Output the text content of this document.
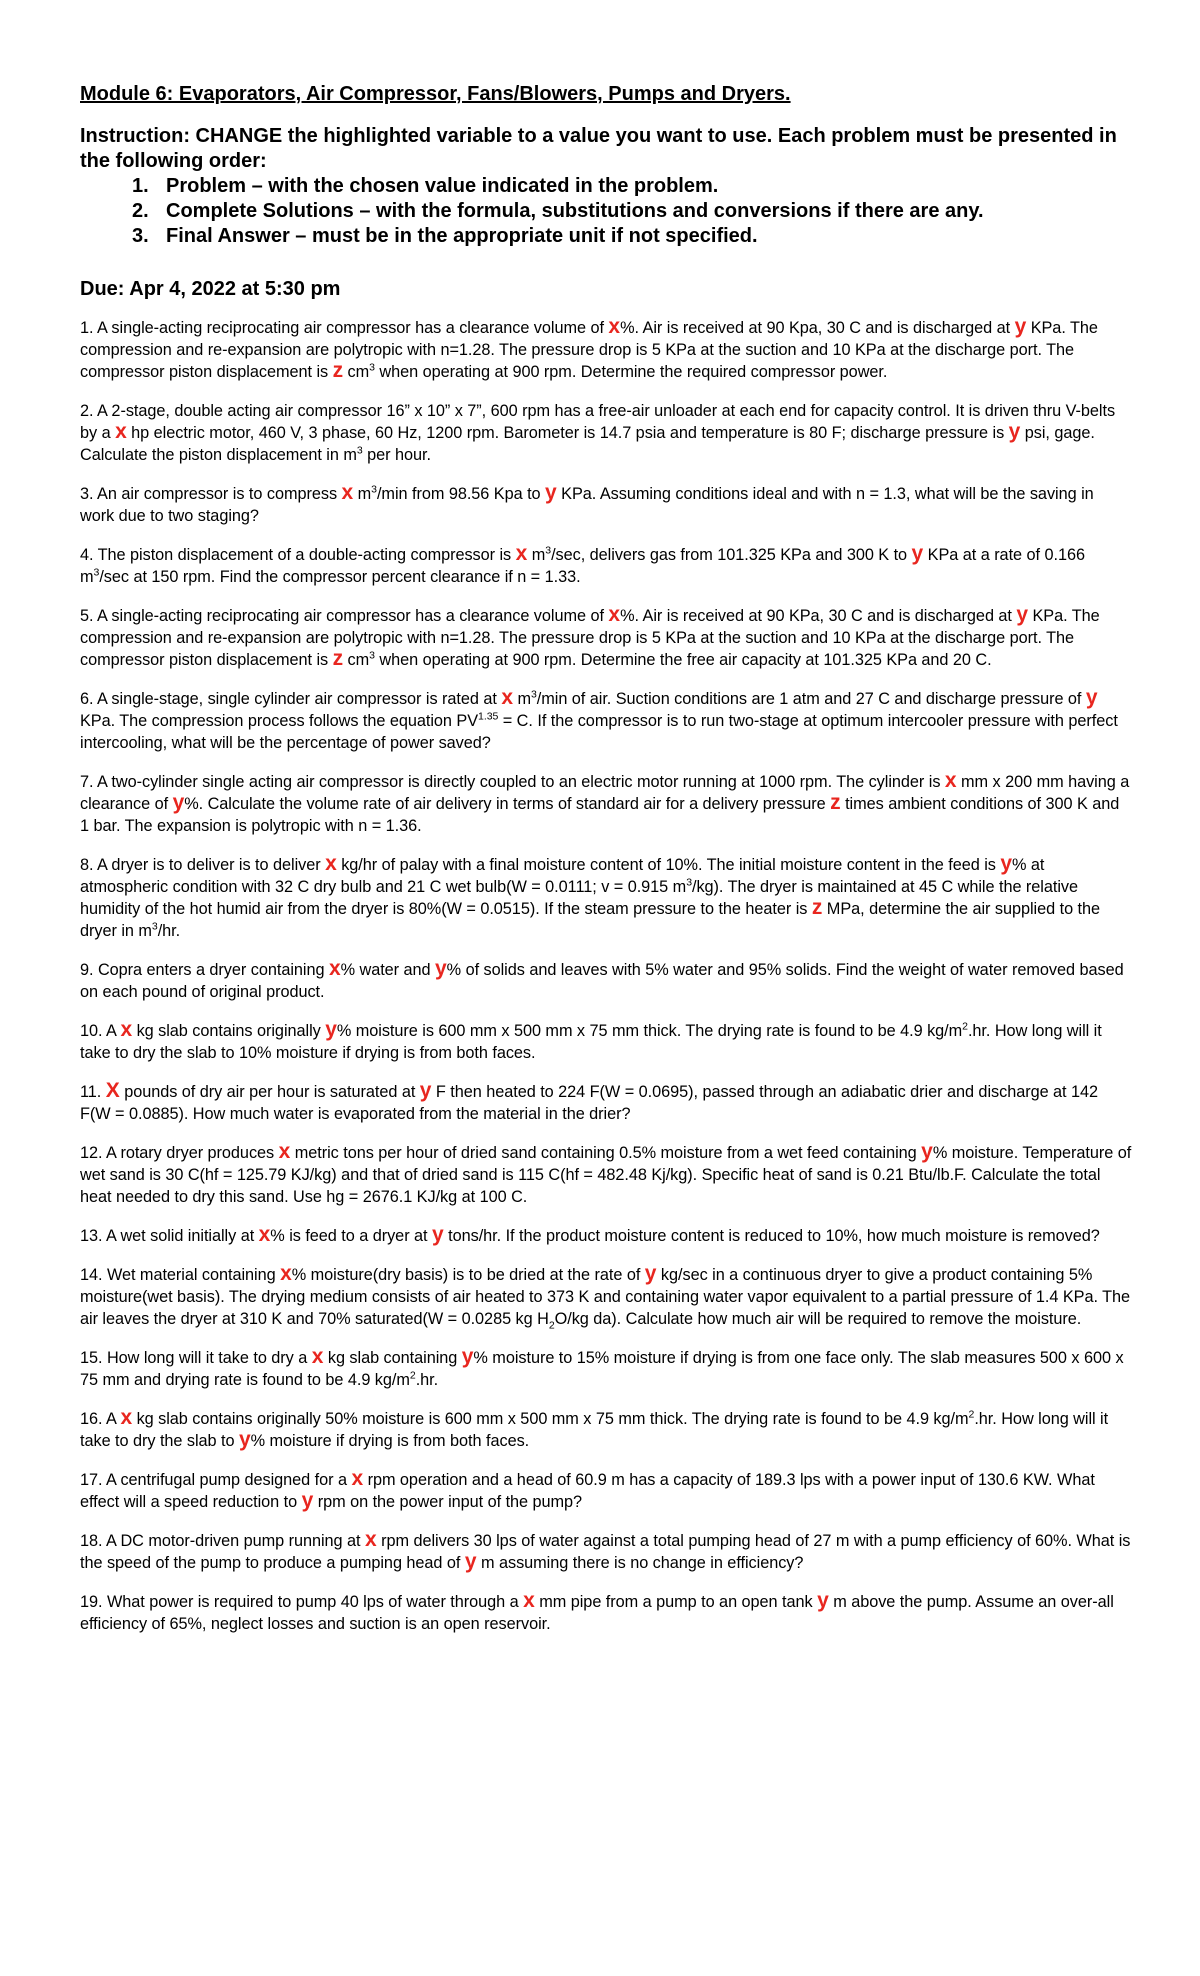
Module 6: Evaporators, Air Compressor, Fans/Blowers, Pumps and Dryers.
Instruction: CHANGE the highlighted variable to a value you want to use. Each problem must be presented in the following order:
1. Problem – with the chosen value indicated in the problem.
2. Complete Solutions – with the formula, substitutions and conversions if there are any.
3. Final Answer – must be in the appropriate unit if not specified.
Due: Apr 4, 2022 at 5:30 pm

1. A single-acting reciprocating air compressor has a clearance volume of x%. Air is received at 90 Kpa, 30 C and is discharged at y KPa. The compression and re-expansion are polytropic with n=1.28. The pressure drop is 5 KPa at the suction and 10 KPa at the discharge port. The compressor piston displacement is z $cm^3$ when operating at 900 rpm. Determine the required compressor power.

2. A 2-stage, double acting air compressor 16” x 10” x 7”, 600 rpm has a free-air unloader at each end for capacity control. It is driven thru V-belts by a x hp electric motor, 460 V, 3 phase, 60 Hz, 1200 rpm. Barometer is 14.7 psia and temperature is 80 F; discharge pressure is y psi, gage. Calculate the piston displacement in $m^3$ per hour.

3. An air compressor is to compress x $m^3/\min$ from 98.56 Kpa to y KPa. Assuming conditions ideal and with n = 1.3, what will be the saving in work due to two staging?

4. The piston displacement of a double-acting compressor is x $m^3/\sec$, delivers gas from 101.325 KPa and 300 K to y KPa at a rate of 0.166 $m^3/\sec$ at 150 rpm. Find the compressor percent clearance if n = 1.33.

5. A single-acting reciprocating air compressor has a clearance volume of x%. Air is received at 90 KPa, 30 C and is discharged at y KPa. The compression and re-expansion are polytropic with n=1.28. The pressure drop is 5 KPa at the suction and 10 KPa at the discharge port. The compressor piston displacement is z $cm^3$ when operating at 900 rpm. Determine the free air capacity at 101.325 KPa and 20 C.

6. A single-stage, single cylinder air compressor is rated at x $m^3/\min$ of air. Suction conditions are 1 atm and 27 C and discharge pressure of y KPa. The compression process follows the equation $PV^{1.35} = C$. If the compressor is to run two-stage at optimum intercooler pressure with perfect intercooling, what will be the percentage of power saved?

7. A two-cylinder single acting air compressor is directly coupled to an electric motor running at 1000 rpm. The cylinder is x mm x 200 mm having a clearance of y%. Calculate the volume rate of air delivery in terms of standard air for a delivery pressure z times ambient conditions of 300 K and 1 bar. The expansion is polytropic with n = 1.36.

8. A dryer is to deliver is to deliver x kg/hr of palay with a final moisture content of 10%. The initial moisture content in the feed is y% at atmospheric condition with 32 C dry bulb and 21 C wet bulb(W = 0.0111; v = 0.915 $m^3/kg$). The dryer is maintained at 45 C while the relative humidity of the hot humid air from the dryer is 80%(W = 0.0515). If the steam pressure to the heater is z MPa, determine the air supplied to the dryer in $m^3/hr$.

9. Copra enters a dryer containing x% water and y% of solids and leaves with 5% water and 95% solids. Find the weight of water removed based on each pound of original product.

10. A x kg slab contains originally y% moisture is 600 mm x 500 mm x 75 mm thick. The drying rate is found to be 4.9 $kg/m^2.hr$. How long will it take to dry the slab to 10% moisture if drying is from both faces.

11. X pounds of dry air per hour is saturated at y F then heated to 224 F(W = 0.0695), passed through an adiabatic drier and discharge at 142 F(W = 0.0885). How much water is evaporated from the material in the drier?

12. A rotary dryer produces x metric tons per hour of dried sand containing 0.5% moisture from a wet feed containing y% moisture. Temperature of wet sand is 30 C(hf = 125.79 KJ/kg) and that of dried sand is 115 C(hf = 482.48 Kj/kg). Specific heat of sand is 0.21 Btu/lb.F. Calculate the total heat needed to dry this sand. Use hg = 2676.1 KJ/kg at 100 C.

13. A wet solid initially at x% is feed to a dryer at y tons/hr. If the product moisture content is reduced to 10%, how much moisture is removed?

14. Wet material containing x% moisture(dry basis) is to be dried at the rate of y kg/sec in a continuous dryer to give a product containing 5% moisture(wet basis). The drying medium consists of air heated to 373 K and containing water vapor equivalent to a partial pressure of 1.4 KPa. The air leaves the dryer at 310 K and 70% saturated(W = 0.0285 kg $H_2O/kg$ da). Calculate how much air will be required to remove the moisture.

15. How long will it take to dry a x kg slab containing y% moisture to 15% moisture if drying is from one face only. The slab measures 500 x 600 x 75 mm and drying rate is found to be 4.9 $kg/m^2.hr$.

16. A x kg slab contains originally 50% moisture is 600 mm x 500 mm x 75 mm thick. The drying rate is found to be 4.9 $kg/m^2.hr$. How long will it take to dry the slab to y% moisture if drying is from both faces.

17. A centrifugal pump designed for a x rpm operation and a head of 60.9 m has a capacity of 189.3 lps with a power input of 130.6 KW. What effect will a speed reduction to y rpm on the power input of the pump?

18. A DC motor-driven pump running at x rpm delivers 30 lps of water against a total pumping head of 27 m with a pump efficiency of 60%. What is the speed of the pump to produce a pumping head of y m assuming there is no change in efficiency?

19. What power is required to pump 40 lps of water through a x mm pipe from a pump to an open tank y m above the pump. Assume an over-all efficiency of 65%, neglect losses and suction is an open reservoir.
